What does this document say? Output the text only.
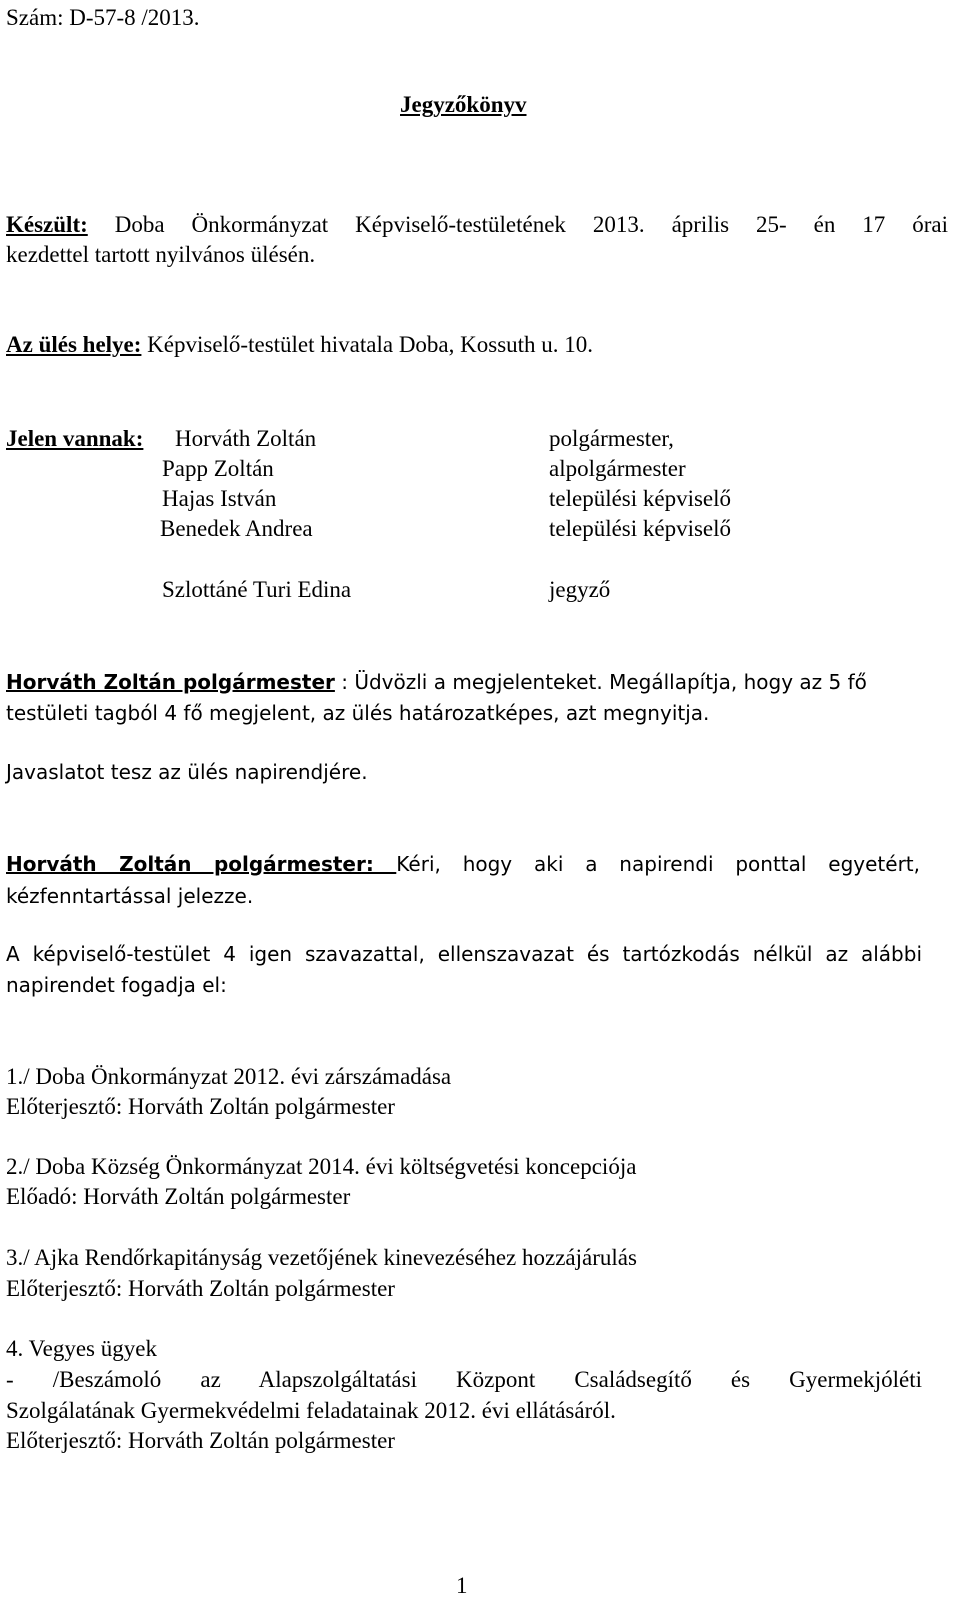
Szám: D-57-8 /2013.
Jegyzőkönyv
Készült: Doba Önkormányzat Képviselő-testületének 2013. április 25- én 17 órai
kezdettel tartott nyilvános ülésén.
Az ülés helye: Képviselő-testület hivatala Doba, Kossuth u. 10.
Jelen vannak: Horváth Zoltán
Papp Zoltán
Hajas István
Benedek Andrea
Szlottáné Turi Edina
polgármester,
alpolgármester
települési képviselő
települési képviselő
jegyző
Horváth Zoltán polgármester : Üdvözli a megjelenteket. Megállapítja, hogy az 5 fő
testületi tagból 4 fő megjelent, az ülés határozatképes, azt megnyitja.
Javaslatot tesz az ülés napirendjére.
Horváth Zoltán polgármester: Kéri, hogy aki a napirendi ponttal egyetért,
kézfenntartással jelezze.
A képviselő-testület 4 igen szavazattal, ellenszavazat és tartózkodás nélkül az alábbi
napirendet fogadja el:
1./ Doba Önkormányzat 2012. évi zárszámadása
Előterjesztő: Horváth Zoltán polgármester
2./ Doba Község Önkormányzat 2014. évi költségvetési koncepciója
Előadó: Horváth Zoltán polgármester
3./ Ajka Rendőrkapitányság vezetőjének kinevezéséhez hozzájárulás
Előterjesztő: Horváth Zoltán polgármester
4. Vegyes ügyek
- /Beszámoló az Alapszolgáltatási Központ Családsegítő és Gyermekjóléti
Szolgálatának Gyermekvédelmi feladatainak 2012. évi ellátásáról.
Előterjesztő: Horváth Zoltán polgármester
1
